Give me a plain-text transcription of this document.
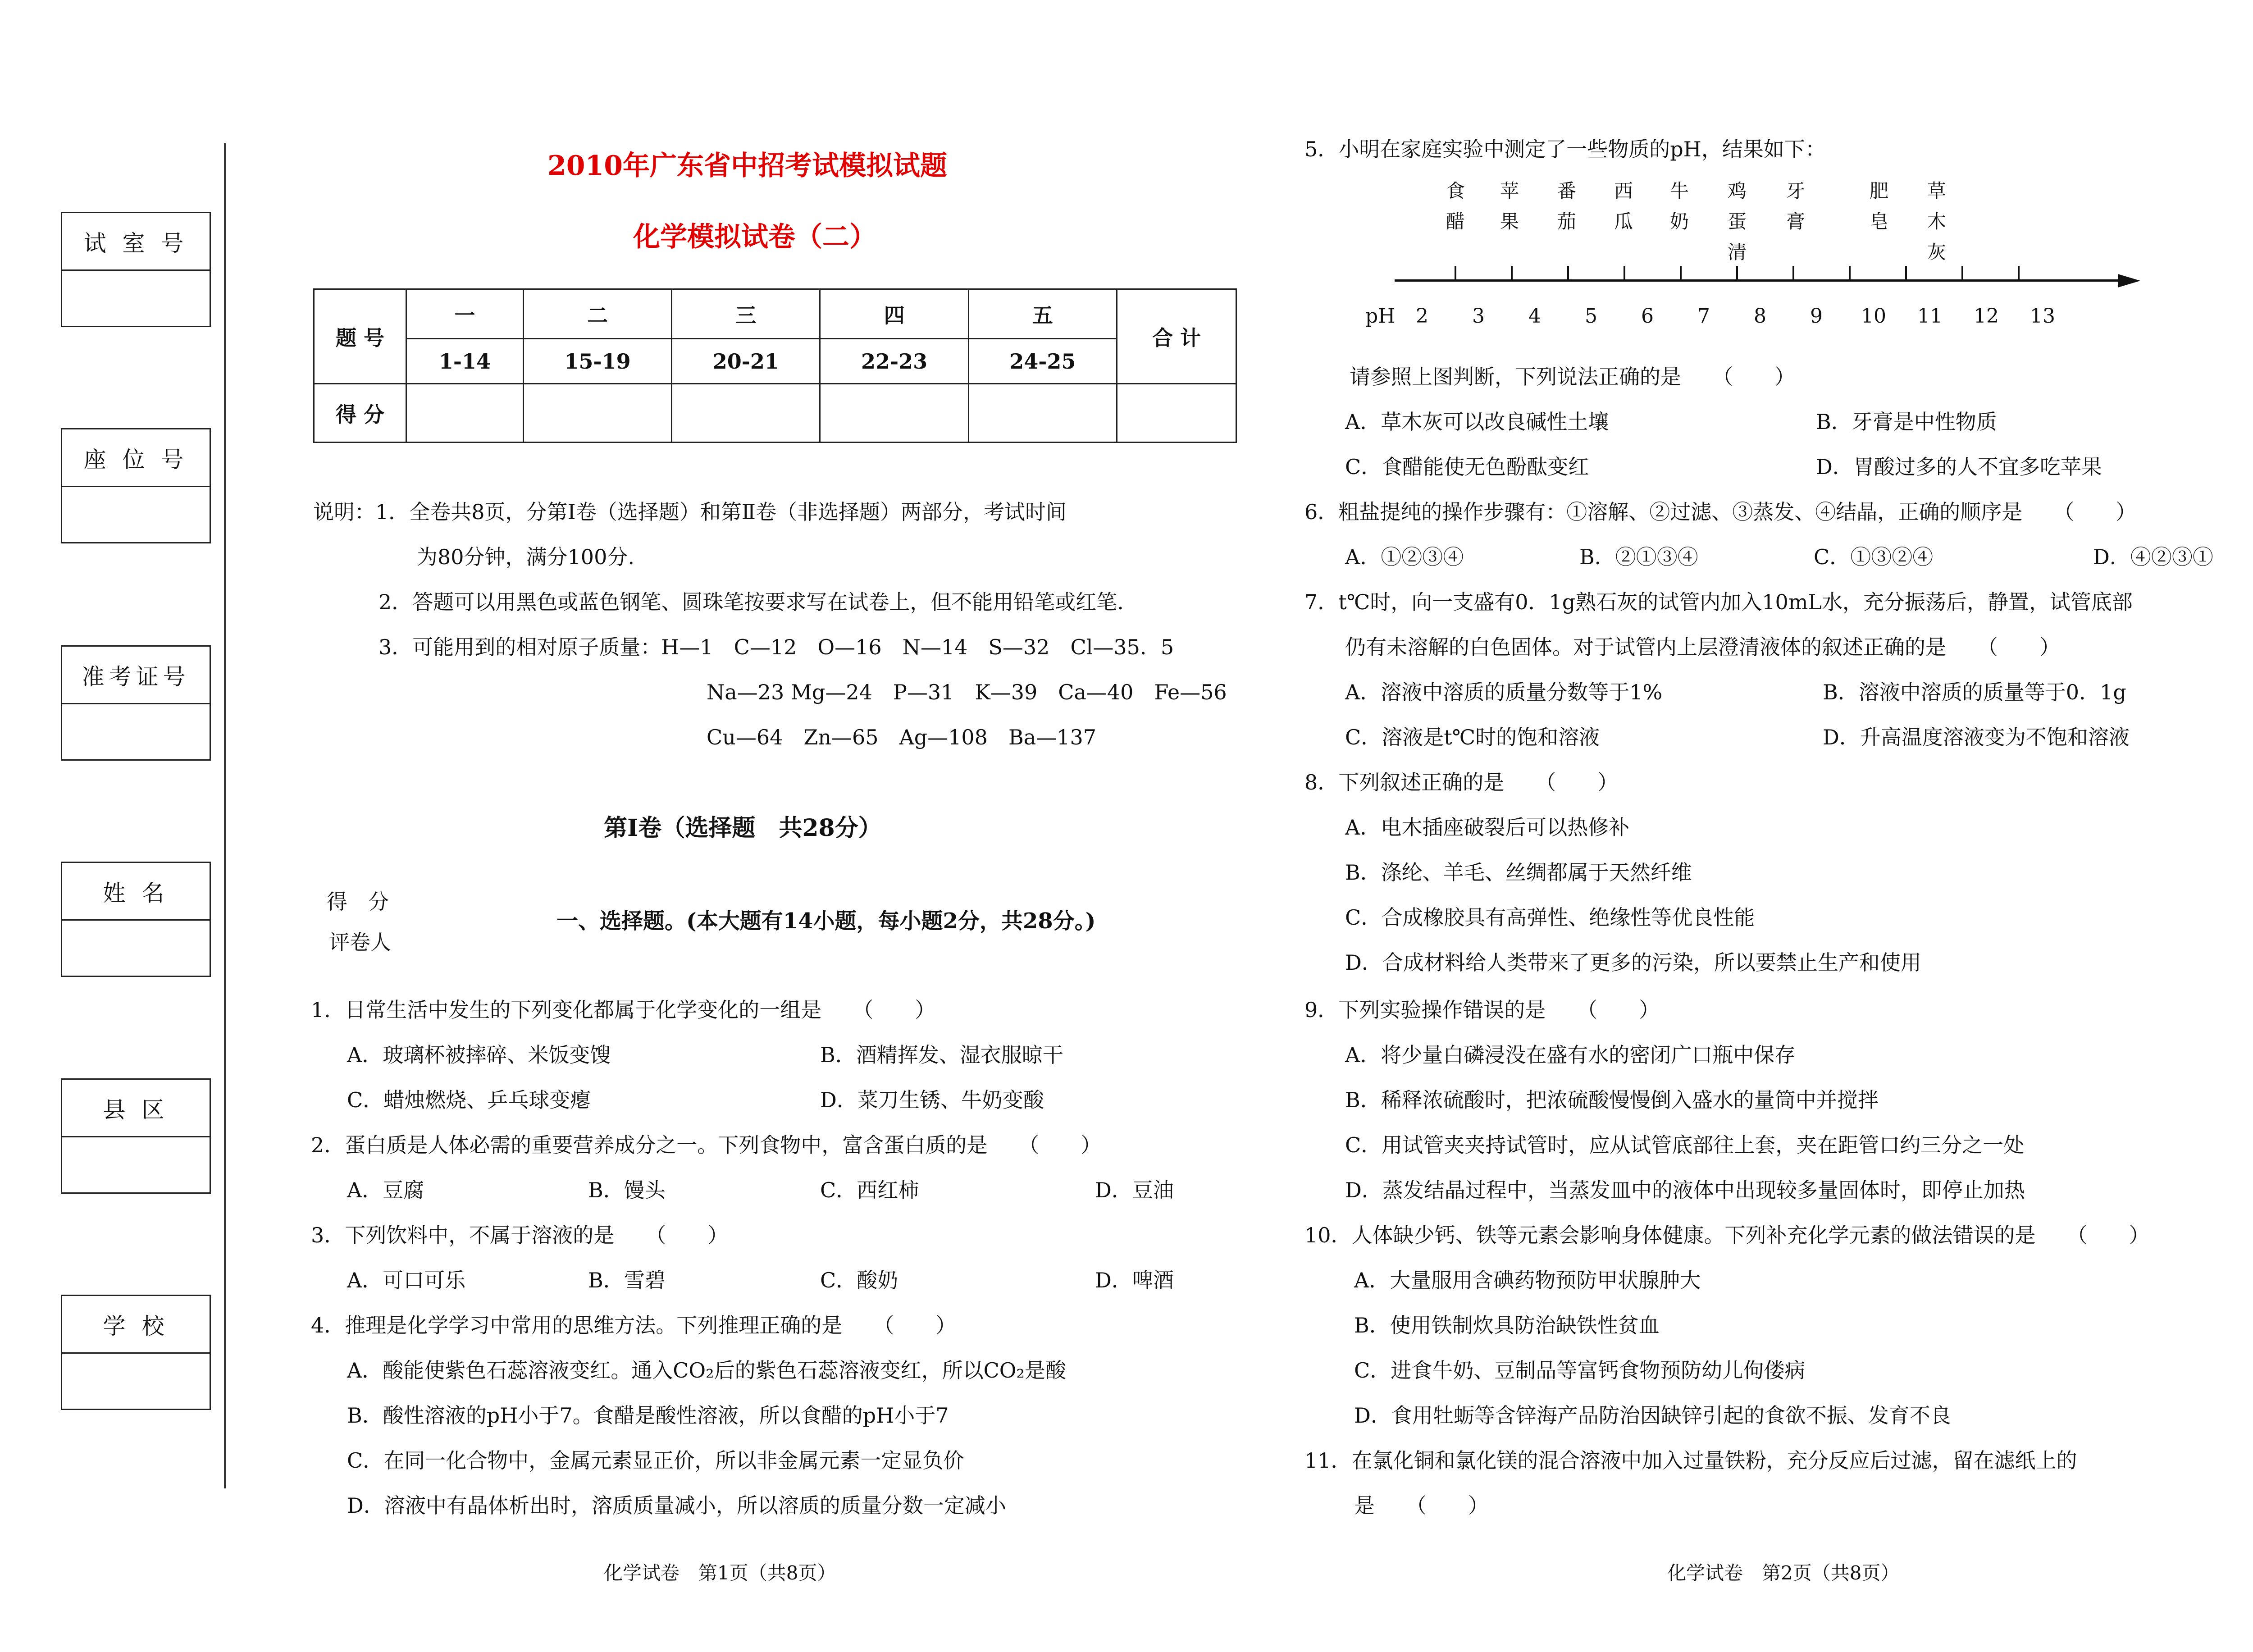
试 室 号
座 位 号
准考证号
姓 名
县 区
学 校
2010年广东省中招考试模拟试题
化学模拟试卷（二）
题 号	一	二	三	四	五	合 计
	1-14	15-19	20-21	22-23	24-25	
得 分						
说明：1．全卷共8页，分第Ⅰ卷（选择题）和第Ⅱ卷（非选择题）两部分，考试时间
为80分钟，满分100分.
2．答题可以用黑色或蓝色钢笔、圆珠笔按要求写在试卷上，但不能用铅笔或红笔.
3．可能用到的相对原子质量：H—1　C—12　O—16　N—14　S—32　Cl—35．5
Na—23 Mg—24　P—31　K—39　Ca—40　Fe—56
Cu—64　Zn—65　Ag—108　Ba—137
第Ⅰ卷（选择题　共28分）
得　分
评卷人
一、选择题。(本大题有14小题，每小题2分，共28分。)
1．日常生活中发生的下列变化都属于化学变化的一组是　　（　　）
A．玻璃杯被摔碎、米饭变馊	B．酒精挥发、湿衣服晾干
C．蜡烛燃烧、乒乓球变瘪	D．菜刀生锈、牛奶变酸
2．蛋白质是人体必需的重要营养成分之一。下列食物中，富含蛋白质的是　　（　　）
A．豆腐	B．馒头	C．西红柿	D．豆油
3．下列饮料中，不属于溶液的是　　（　　）
A．可口可乐	B．雪碧	C．酸奶	D．啤酒
4．推理是化学学习中常用的思维方法。下列推理正确的是　　（　　）
A．酸能使紫色石蕊溶液变红。通入CO₂后的紫色石蕊溶液变红，所以CO₂是酸
B．酸性溶液的pH小于7。食醋是酸性溶液，所以食醋的pH小于7
C．在同一化合物中，金属元素显正价，所以非金属元素一定显负价
D．溶液中有晶体析出时，溶质质量减小，所以溶质的质量分数一定减小
5．小明在家庭实验中测定了一些物质的pH，结果如下：
食
醋
苹
果
番
茄
西
瓜
牛
奶
鸡
蛋
清
牙
膏
肥
皂
草
木
灰
pH 2 3 4 5 6 7 8 9 10 11 12 13
请参照上图判断，下列说法正确的是　　（　　）
A．草木灰可以改良碱性土壤	B．牙膏是中性物质
C．食醋能使无色酚酞变红	D．胃酸过多的人不宜多吃苹果
6．粗盐提纯的操作步骤有：①溶解、②过滤、③蒸发、④结晶，正确的顺序是　　（　　）
A．①②③④	B．②①③④	C．①③②④	D．④②③①
7．t℃时，向一支盛有0．1g熟石灰的试管内加入10mL水，充分振荡后，静置，试管底部
仍有未溶解的白色固体。对于试管内上层澄清液体的叙述正确的是　　（　　）
A．溶液中溶质的质量分数等于1%	B．溶液中溶质的质量等于0．1g
C．溶液是t℃时的饱和溶液	D．升高温度溶液变为不饱和溶液
8．下列叙述正确的是　　（　　）
A．电木插座破裂后可以热修补
B．涤纶、羊毛、丝绸都属于天然纤维
C．合成橡胶具有高弹性、绝缘性等优良性能
D．合成材料给人类带来了更多的污染，所以要禁止生产和使用
9．下列实验操作错误的是　　（　　）
A．将少量白磷浸没在盛有水的密闭广口瓶中保存
B．稀释浓硫酸时，把浓硫酸慢慢倒入盛水的量筒中并搅拌
C．用试管夹夹持试管时，应从试管底部往上套，夹在距管口约三分之一处
D．蒸发结晶过程中，当蒸发皿中的液体中出现较多量固体时，即停止加热
10．人体缺少钙、铁等元素会影响身体健康。下列补充化学元素的做法错误的是　　（　　）
A．大量服用含碘药物预防甲状腺肿大
B．使用铁制炊具防治缺铁性贫血
C．进食牛奶、豆制品等富钙食物预防幼儿佝偻病
D．食用牡蛎等含锌海产品防治因缺锌引起的食欲不振、发育不良
11．在氯化铜和氯化镁的混合溶液中加入过量铁粉，充分反应后过滤，留在滤纸上的
是　　（　　）
化学试卷　第1页（共8页）	化学试卷　第2页（共8页）
